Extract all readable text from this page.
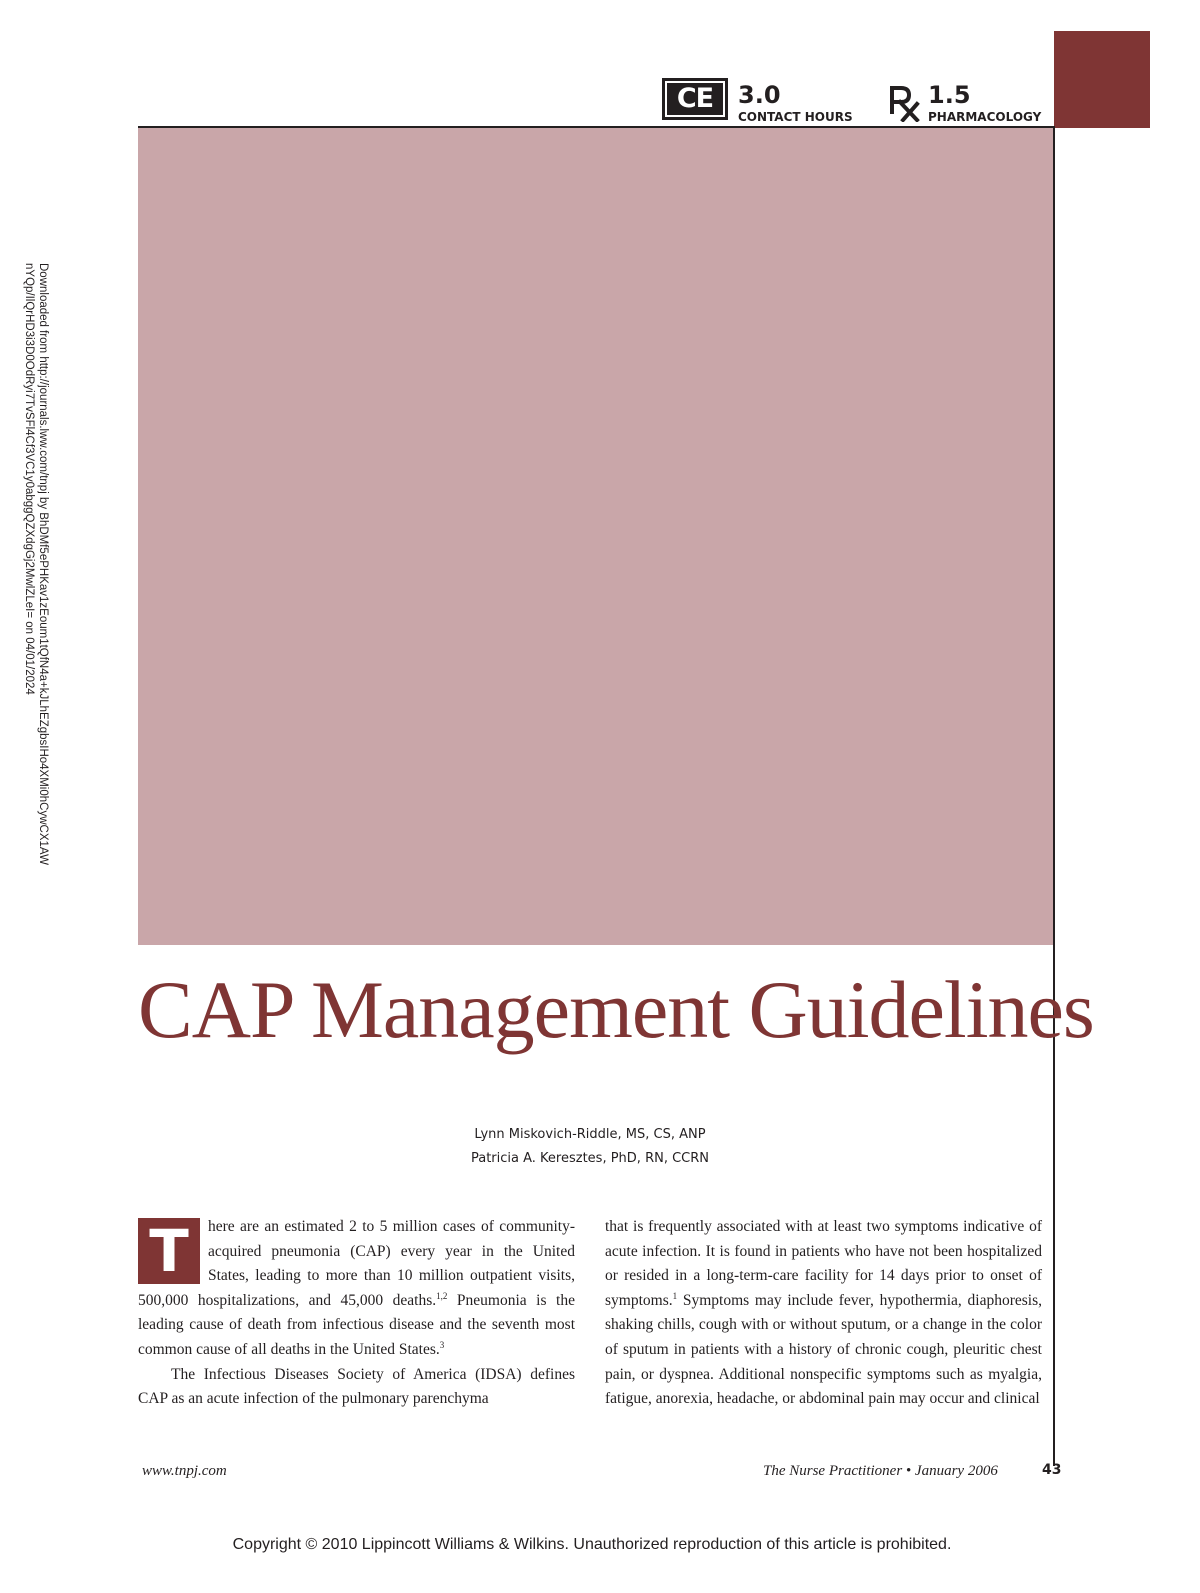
CE	3.0
CONTACT HOURS
1.5
PHARMACOLOGY
Downloaded from http://journals.lww.com/tnpj by BhDMf5ePHKav1zEoum1tQfN4a+kJLhEZgbsIHo4XMi0hCywCX1AW
nYQp/IlQrHD3i3D0OdRyi7TvSFl4Cf3VC1y0abggQZXdgGj2MwlZLeI= on 04/01/2024
CAP Management Guidelines

Lynn Miskovich-Riddle, MS, CS, ANP

Patricia A. Keresztes, PhD, RN, CCRN

T	here are an estimated 2 to 5 million cases of community-acquired pneumonia (CAP) every year in the United States, leading to more than 10 million outpatient visits, 500,000 hospitalizations, and 45,000 deaths.$^{1,2}$ Pneumonia is the leading cause of death from infectious disease and the seventh most common cause of all deaths in the United States.$^3$

The Infectious Diseases Society of America (IDSA) defines CAP as an acute infection of the pulmonary parenchyma

that is frequently associated with at least two symptoms indicative of acute infection. It is found in patients who have not been hospitalized or resided in a long-term-care facility for 14 days prior to onset of symptoms.$^1$ Symptoms may include fever, hypothermia, diaphoresis, shaking chills, cough with or without sputum, or a change in the color of sputum in patients with a history of chronic cough, pleuritic chest pain, or dyspnea. Additional nonspecific symptoms such as myalgia, fatigue, anorexia, headache, or abdominal pain may occur and clinical

www.tnpj.com	The Nurse Practitioner • January 2006	43
Copyright © 2010 Lippincott Williams & Wilkins. Unauthorized reproduction of this article is prohibited.
